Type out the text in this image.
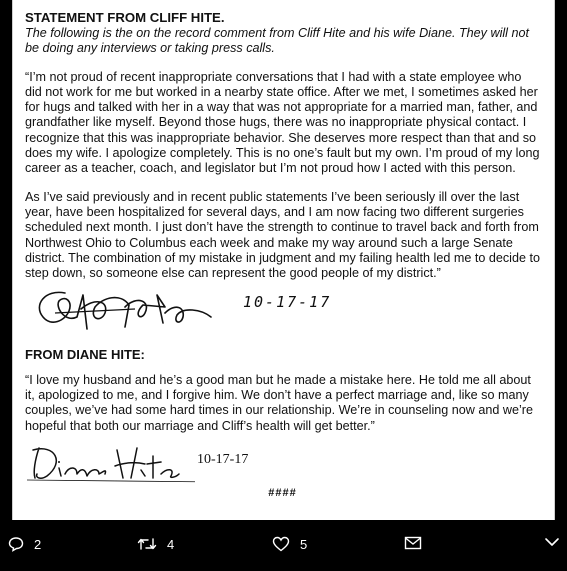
STATEMENT FROM CLIFF HITE.
The following is the on the record comment from Cliff Hite and his wife Diane. They will not be doing any interviews or taking press calls.
“I’m not proud of recent inappropriate conversations that I had with a state employee who did not work for me but worked in a nearby state office. After we met, I sometimes asked her for hugs and talked with her in a way that was not appropriate for a married man, father, and grandfather like myself. Beyond those hugs, there was no inappropriate physical contact. I recognize that this was inappropriate behavior. She deserves more respect than that and so does my wife. I apologize completely. This is no one’s fault but my own. I’m proud of my long career as a teacher, coach, and legislator but I’m not proud how I acted with this person.
As I’ve said previously and in recent public statements I’ve been seriously ill over the last year, have been hospitalized for several days, and I am now facing two different surgeries scheduled next month. I just don’t have the strength to continue to travel back and forth from Northwest Ohio to Columbus each week and make my way around such a large Senate district. The combination of my mistake in judgment and my failing health led me to decide to step down, so someone else can represent the good people of my district.”
10-17-17
FROM DIANE HITE:
“I love my husband and he’s a good man but he made a mistake here. He told me all about it, apologized to me, and I forgive him. We don’t have a perfect marriage and, like so many couples, we’ve had some hard times in our relationship. We’re in counseling now and we’re hopeful that both our marriage and Cliff’s health will get better.”
10-17-17
####
2	4	5
